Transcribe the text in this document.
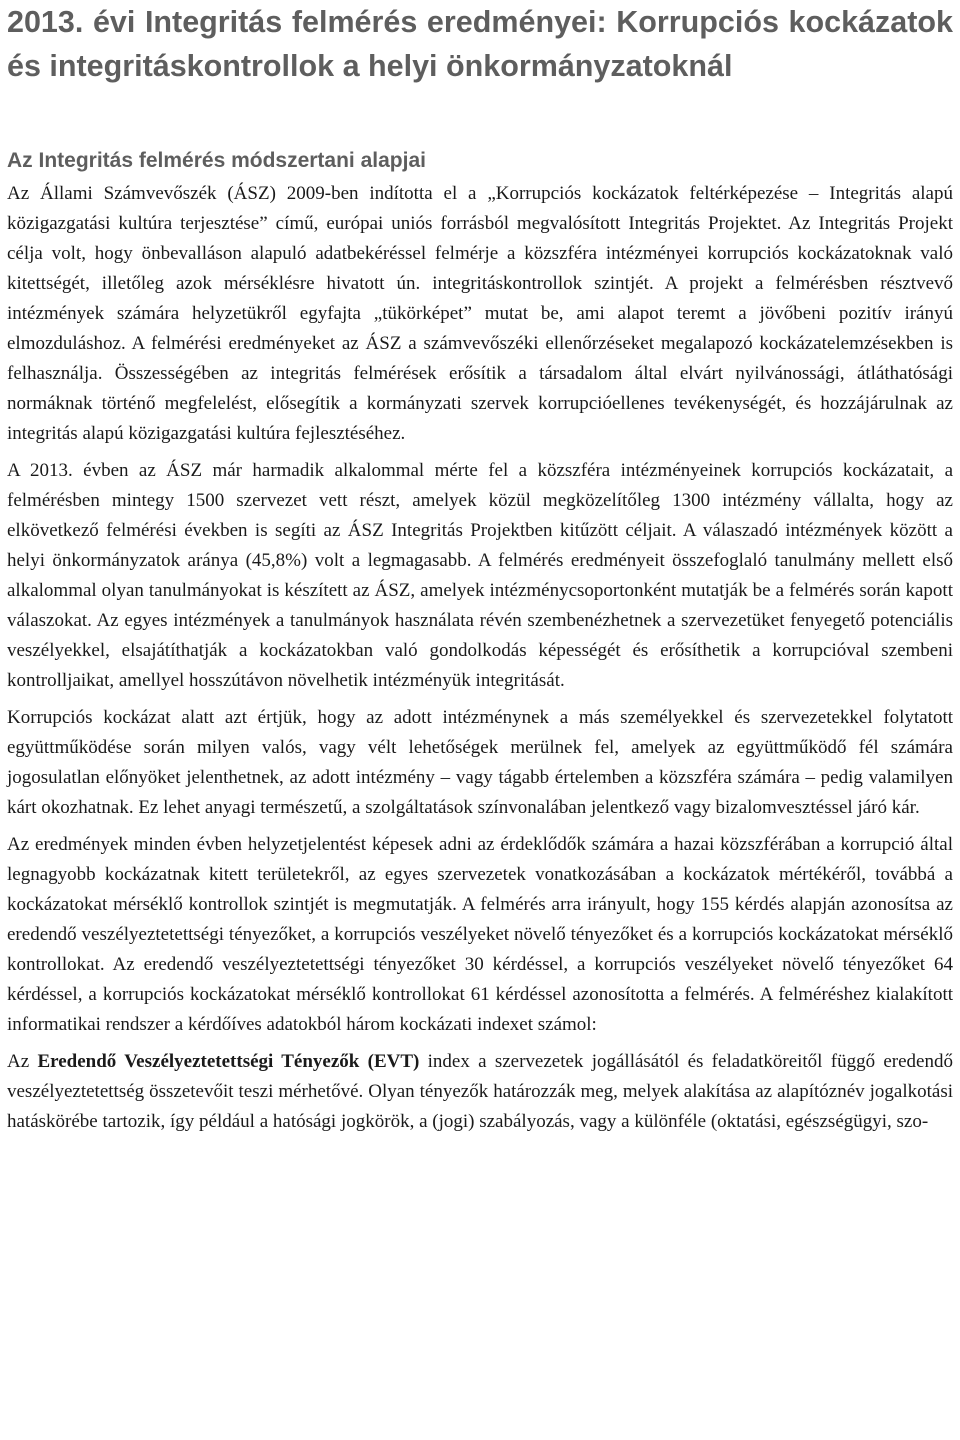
2013. évi Integritás felmérés eredményei: Korrupciós kockázatok és integritáskontrollok a helyi önkormányzatoknál
Az Integritás felmérés módszertani alapjai

Az Állami Számvevőszék (ÁSZ) 2009-ben indította el a „Korrupciós kockázatok feltérképezése – Integritás alapú közigazgatási kultúra terjesztése” című, európai uniós forrásból megvalósított Integritás Projektet. Az Integritás Projekt célja volt, hogy önbevalláson alapuló adatbekéréssel felmérje a közszféra intézményei korrupciós kockázatoknak való kitettségét, illetőleg azok mérséklésre hivatott ún. integritáskontrollok szintjét. A projekt a felmérésben résztvevő intézmények számára helyzetükről egyfajta „tükörképet” mutat be, ami alapot teremt a jövőbeni pozitív irányú elmozduláshoz. A felmérési eredményeket az ÁSZ a számvevőszéki ellenőrzéseket megalapozó kockázatelemzésekben is felhasználja. Összességében az integritás felmérések erősítik a társadalom által elvárt nyilvánossági, átláthatósági normáknak történő megfelelést, elősegítik a kormányzati szervek korrupcióellenes tevékenységét, és hozzájárulnak az integritás alapú közigazgatási kultúra fejlesztéséhez.

A 2013. évben az ÁSZ már harmadik alkalommal mérte fel a közszféra intézményeinek korrupciós kockázatait, a felmérésben mintegy 1500 szervezet vett részt, amelyek közül megközelítőleg 1300 intézmény vállalta, hogy az elkövetkező felmérési években is segíti az ÁSZ Integritás Projektben kitűzött céljait. A válaszadó intézmények között a helyi önkormányzatok aránya (45,8%) volt a legmagasabb. A felmérés eredményeit összefoglaló tanulmány mellett első alkalommal olyan tanulmányokat is készített az ÁSZ, amelyek intézménycsoportonként mutatják be a felmérés során kapott válaszokat. Az egyes intézmények a tanulmányok használata révén szembenézhetnek a szervezetüket fenyegető potenciális veszélyekkel, elsajátíthatják a kockázatokban való gondolkodás képességét és erősíthetik a korrupcióval szembeni kontrolljaikat, amellyel hosszútávon növelhetik intézményük integritását.

Korrupciós kockázat alatt azt értjük, hogy az adott intézménynek a más személyekkel és szervezetekkel folytatott együttműködése során milyen valós, vagy vélt lehetőségek merülnek fel, amelyek az együttműködő fél számára jogosulatlan előnyöket jelenthetnek, az adott intézmény – vagy tágabb értelemben a közszféra számára – pedig valamilyen kárt okozhatnak. Ez lehet anyagi természetű, a szolgáltatások színvonalában jelentkező vagy bizalomvesztéssel járó kár.

Az eredmények minden évben helyzetjelentést képesek adni az érdeklődők számára a hazai közszférában a korrupció által legnagyobb kockázatnak kitett területekről, az egyes szervezetek vonatkozásában a kockázatok mértékéről, továbbá a kockázatokat mérséklő kontrollok szintjét is megmutatják. A felmérés arra irányult, hogy 155 kérdés alapján azonosítsa az eredendő veszélyeztetettségi tényezőket, a korrupciós veszélyeket növelő tényezőket és a korrupciós kockázatokat mérséklő kontrollokat. Az eredendő veszélyeztetettségi tényezőket 30 kérdéssel, a korrupciós veszélyeket növelő tényezőket 64 kérdéssel, a korrupciós kockázatokat mérséklő kontrollokat 61 kérdéssel azonosította a felmérés. A felméréshez kialakított informatikai rendszer a kérdőíves adatokból három kockázati indexet számol:

Az Eredendő Veszélyeztetettségi Tényezők (EVT) index a szervezetek jogállásától és feladatköreitől függő eredendő veszélyeztetettség összetevőit teszi mérhetővé. Olyan tényezők határozzák meg, melyek alakítása az alapítóznév jogalkotási hatáskörébe tartozik, így például a hatósági jogkörök, a (jogi) szabályozás, vagy a különféle (oktatási, egészségügyi, szo-
